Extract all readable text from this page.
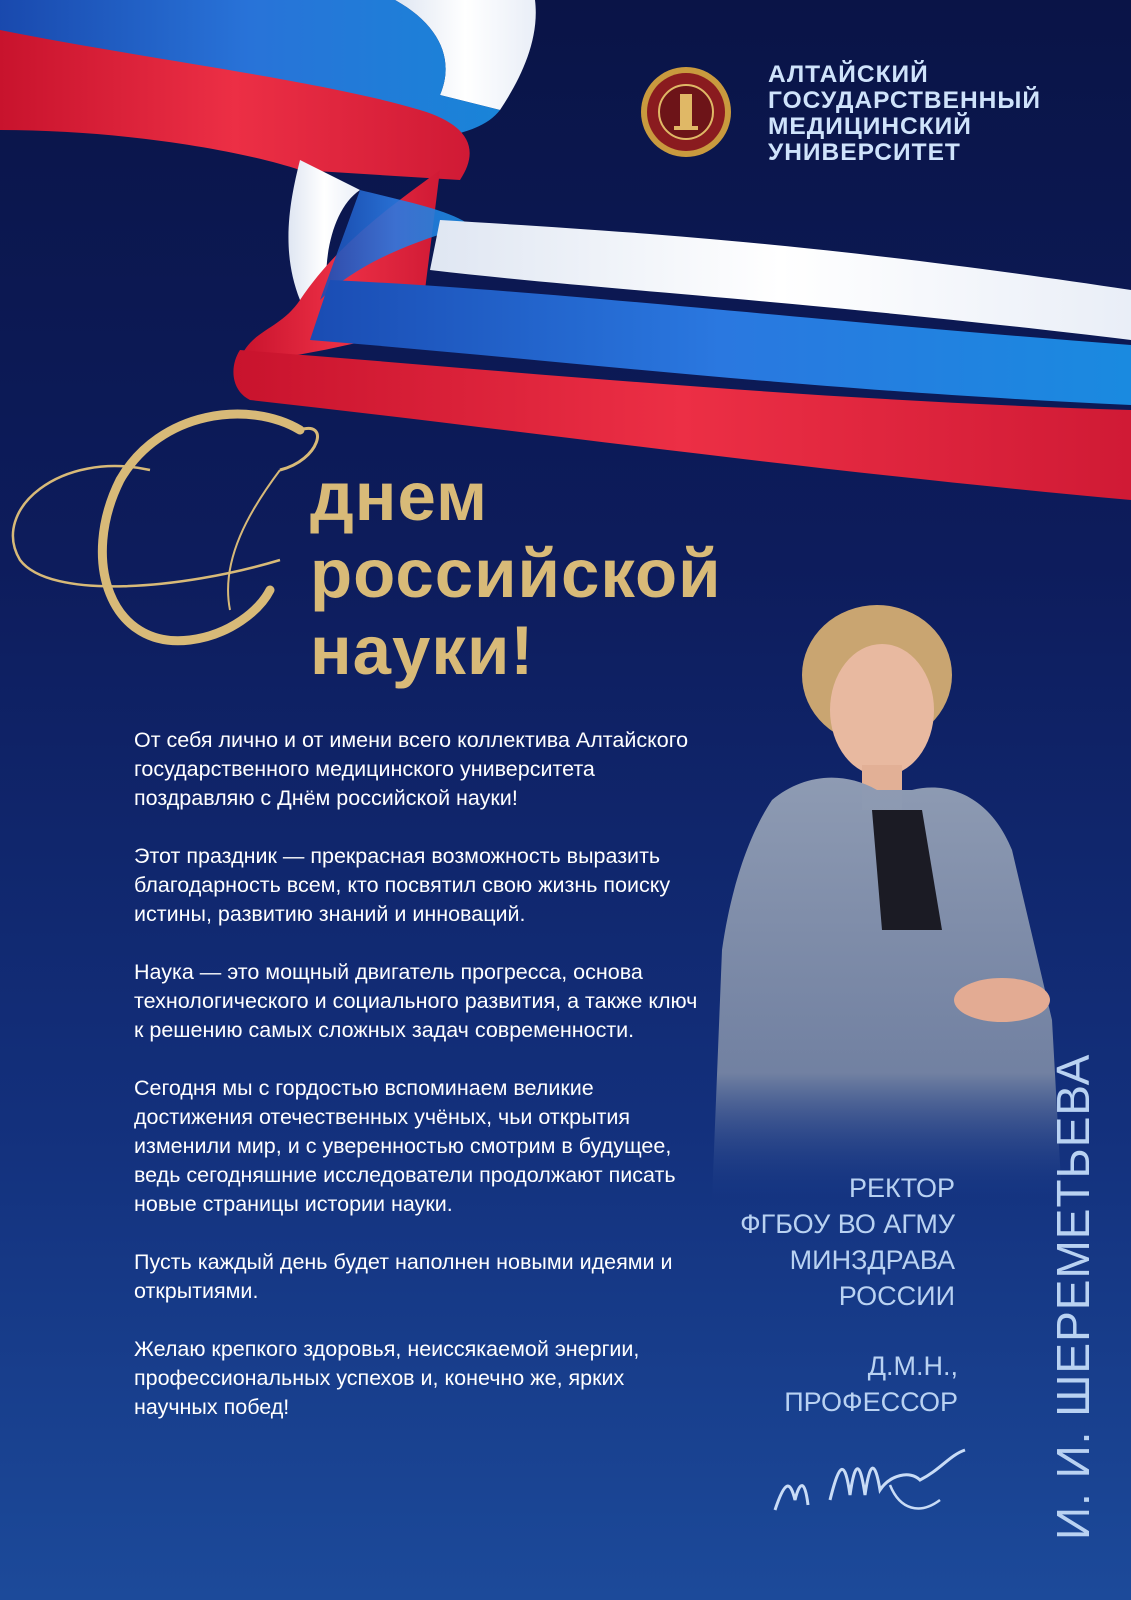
АЛТАЙСКИЙ
ГОСУДАРСТВЕННЫЙ
МЕДИЦИНСКИЙ
УНИВЕРСИТЕТ
С
днем
российской
науки!

От себя лично и от имени всего коллектива Алтайского государственного медицинского университета поздравляю с Днём российской науки!

Этот праздник — прекрасная возможность выразить благодарность всем, кто посвятил свою жизнь поиску истины, развитию знаний и инноваций.

Наука — это мощный двигатель прогресса, основа технологического и социального развития, а также ключ к решению самых сложных задач современности.

Сегодня мы с гордостью вспоминаем великие достижения отечественных учёных, чьи открытия изменили мир, и с уверенностью смотрим в будущее, ведь сегодняшние исследователи продолжают писать новые страницы истории науки.

Пусть каждый день будет наполнен новыми идеями и открытиями.

Желаю крепкого здоровья, неиссякаемой энергии, профессиональных успехов и, конечно же, ярких научных побед!

РЕКТОР
ФГБОУ ВО АГМУ
МИНЗДРАВА
РОССИИ
Д.М.Н.,
ПРОФЕССОР И. И. ШЕРЕМЕТЬЕВА
